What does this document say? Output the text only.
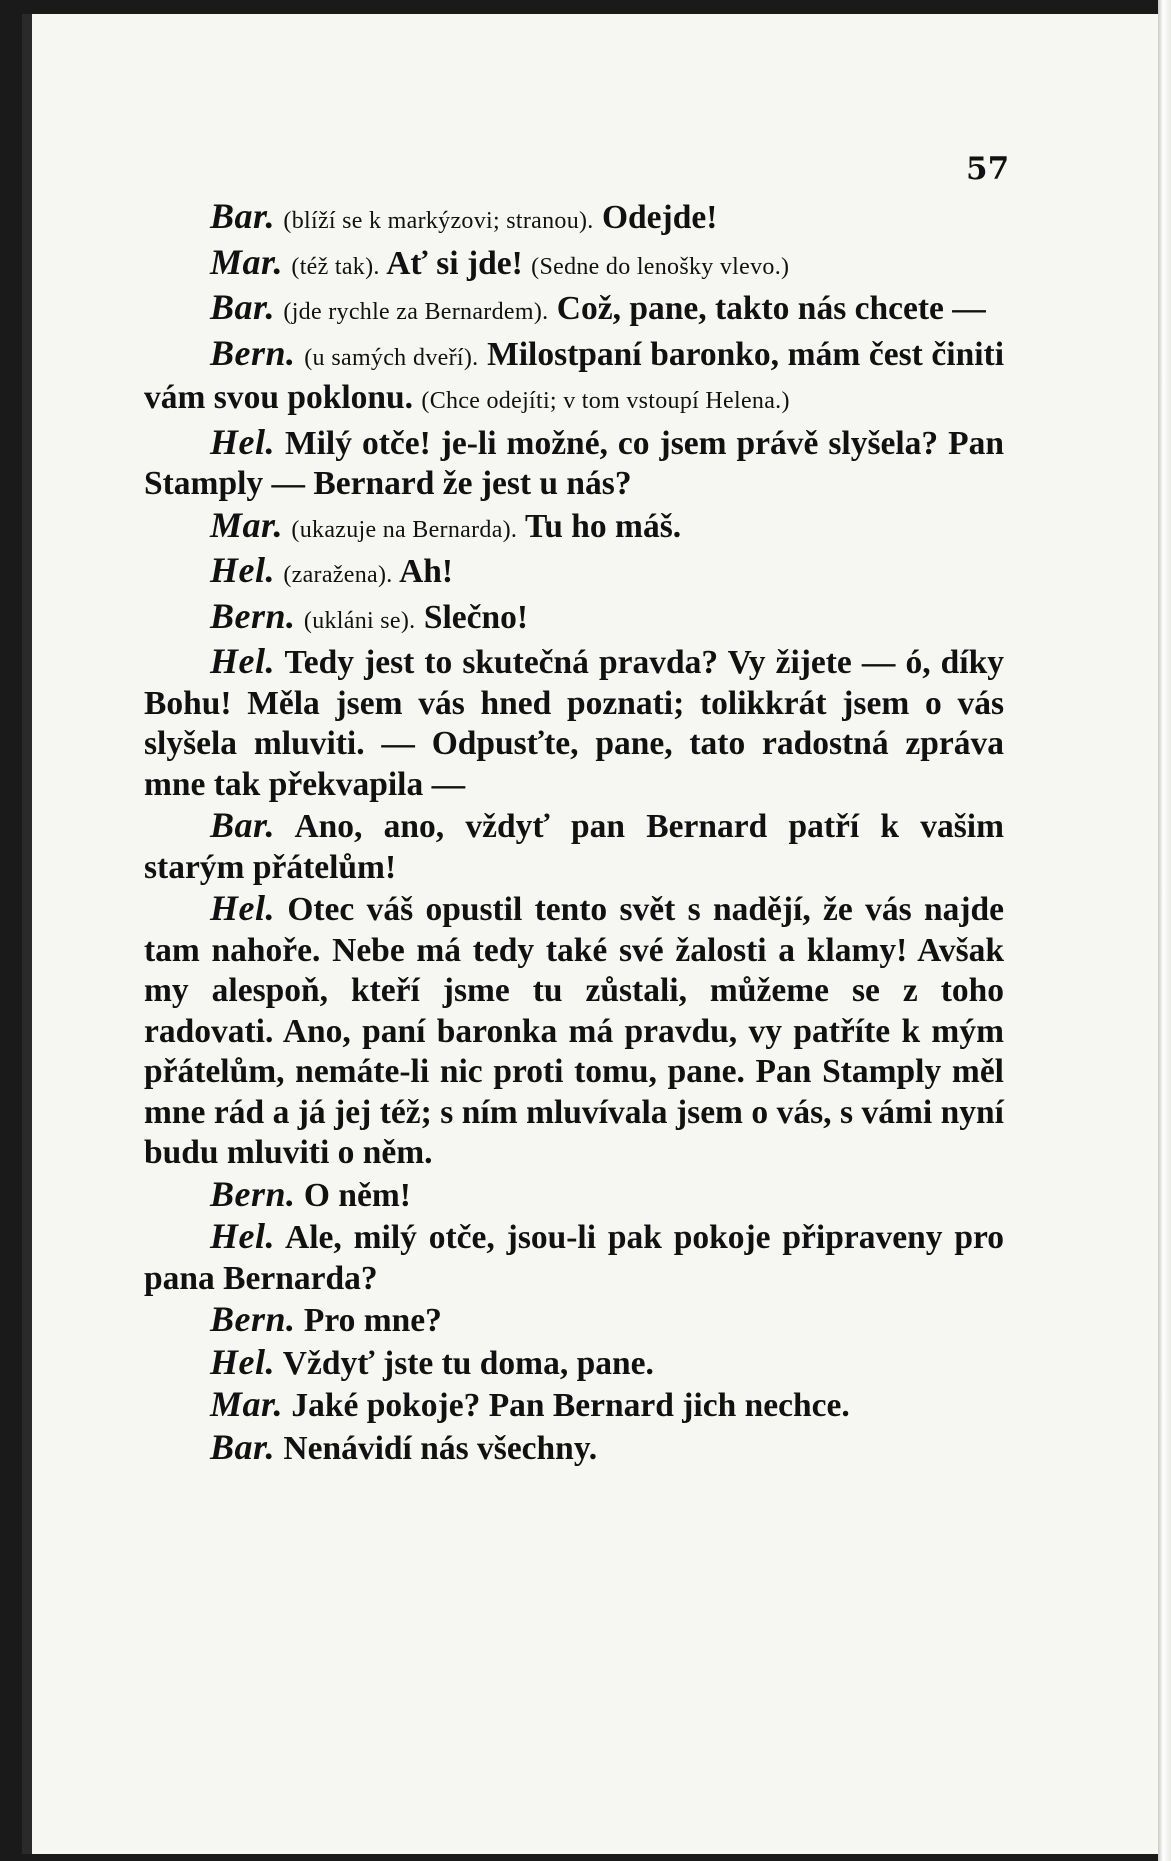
57

Bar. (blíží se k markýzovi; stranou). Odejde!

Mar. (též tak). Ať si jde! (Sedne do lenošky vlevo.)

Bar. (jde rychle za Bernardem). Což, pane, takto nás chcete —

Bern. (u samých dveří). Milostpaní baronko, mám čest činiti vám svou poklonu. (Chce odejíti; v tom vstoupí Helena.)

Hel. Milý otče! je-li možné, co jsem právě slyšela? Pan Stamply — Bernard že jest u nás?

Mar. (ukazuje na Bernarda). Tu ho máš.

Hel. (zaražena). Ah!

Bern. (ukláni se). Slečno!

Hel. Tedy jest to skutečná pravda? Vy žijete — ó, díky Bohu! Měla jsem vás hned poznati; tolikkrát jsem o vás slyšela mluviti. — Odpusťte, pane, tato radostná zpráva mne tak překvapila —

Bar. Ano, ano, vždyť pan Bernard patří k vašim starým přátelům!

Hel. Otec váš opustil tento svět s nadějí, že vás najde tam nahoře. Nebe má tedy také své žalosti a klamy! Avšak my alespoň, kteří jsme tu zůstali, můžeme se z toho radovati. Ano, paní baronka má pravdu, vy patříte k mým přátelům, nemáte-li nic proti tomu, pane. Pan Stamply měl mne rád a já jej též; s ním mluvívala jsem o vás, s vámi nyní budu mluviti o něm.

Bern. O něm!

Hel. Ale, milý otče, jsou-li pak pokoje připraveny pro pana Bernarda?

Bern. Pro mne?

Hel. Vždyť jste tu doma, pane.

Mar. Jaké pokoje? Pan Bernard jich nechce.

Bar. Nenávidí nás všechny.
